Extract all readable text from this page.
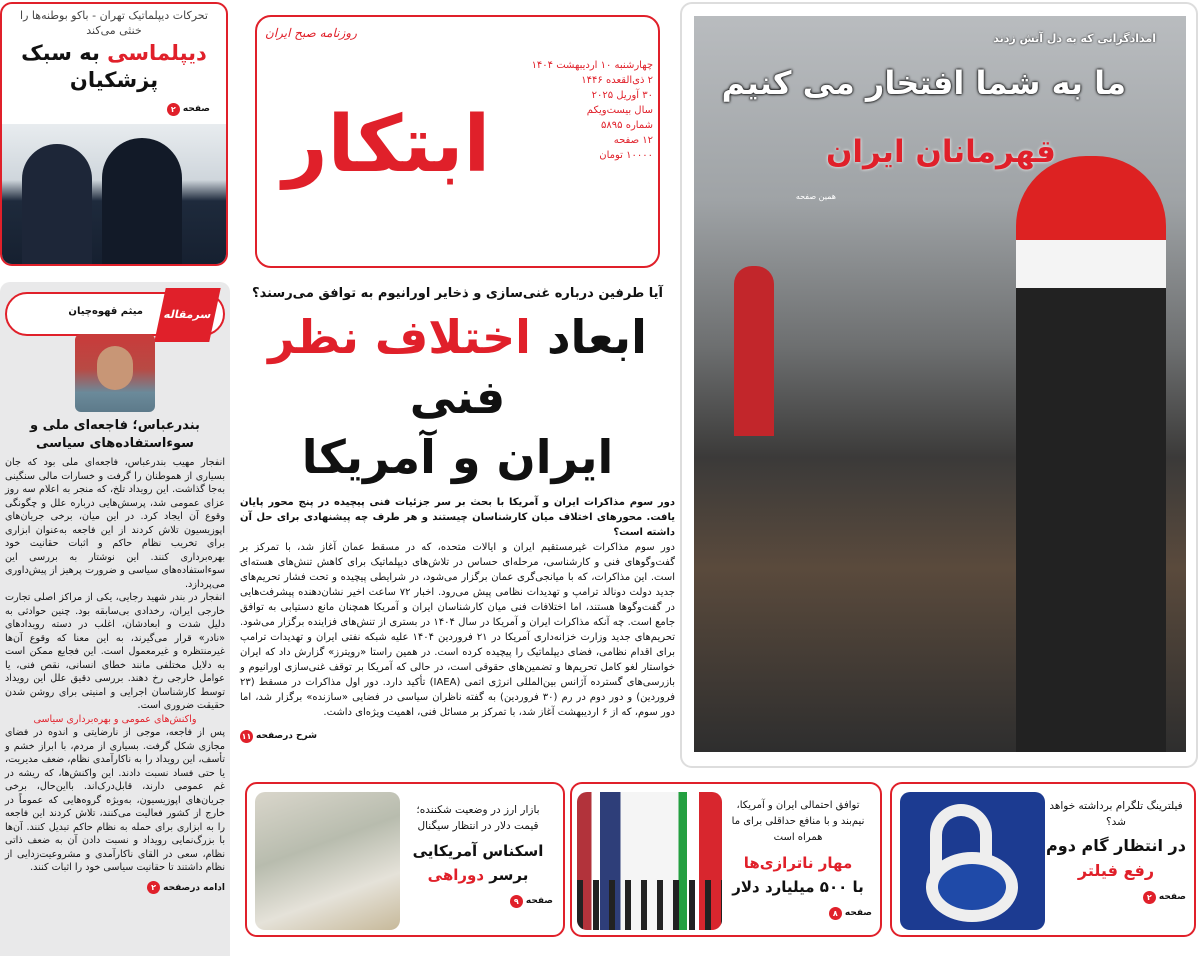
تحرکات دیپلماتیک تهران - باکو بوطنه‌ها را خنثی می‌کند
دیپلماسی به سبک پزشکیان
صفحه
۲
روزنامه صبح ایران
ابتکار
چهارشنبه ۱۰ اردیبهشت ۱۴۰۴
۲ ذی‌القعده ۱۴۴۶
۳۰ آوریل ۲۰۲۵
سال بیست‌ویکم
شماره ۵۸۹۵
۱۲ صفحه
۱۰۰۰۰ تومان
امدادگرانی که به دل آتش زدند
ما به شما افتخار می کنیم
قهرمانان ایران
همین صفحه
آیا طرفین درباره غنی‌سازی و ذخایر اورانیوم به توافق می‌رسند؟
ابعاد اختلاف نظر فنی
ایران و آمریکا
دور سوم مذاکرات ایران و آمریکا با بحث بر سر جزئیات فنی پیچیده در پنج محور پایان یافت. محورهای اختلاف میان کارشناسان چیستند و هر طرف چه پیشنهادی برای حل آن داشته است؟
دور سوم مذاکرات غیرمستقیم ایران و ایالات متحده، که در مسقط عمان آغاز شد، با تمرکز بر گفت‌وگوهای فنی و کارشناسی، مرحله‌ای حساس در تلاش‌های دیپلماتیک برای کاهش تنش‌های هسته‌ای است. این مذاکرات، که با میانجی‌گری عمان برگزار می‌شود، در شرایطی پیچیده و تحت فشار تحریم‌های جدید دولت دونالد ترامپ و تهدیدات نظامی پیش می‌رود. اخبار ۷۲ ساعت اخیر نشان‌دهنده پیشرفت‌هایی در گفت‌وگوها هستند، اما اختلافات فنی میان کارشناسان ایران و آمریکا همچنان مانع دستیابی به توافق جامع است. چه آنکه مذاکرات ایران و آمریکا در سال ۱۴۰۴ در بستری از تنش‌های فزاینده برگزار می‌شود. تحریم‌های جدید وزارت خزانه‌داری آمریکا در ۲۱ فروردین ۱۴۰۴ علیه شبکه نفتی ایران و تهدیدات ترامپ برای اقدام نظامی، فضای دیپلماتیک را پیچیده کرده است. در همین راستا «رویترز» گزارش داد که ایران خواستار لغو کامل تحریم‌ها و تضمین‌های حقوقی است، در حالی که آمریکا بر توقف غنی‌سازی اورانیوم و بازرسی‌های گسترده آژانس بین‌المللی انرژی اتمی (IAEA) تأکید دارد. دور اول مذاکرات در مسقط (۲۳ فروردین) و دور دوم در رم (۳۰ فروردین) به گفته ناظران سیاسی در فضایی «سازنده» برگزار شد، اما دور سوم، که از ۶ اردیبهشت آغاز شد، با تمرکز بر مسائل فنی، اهمیت ویژه‌ای داشت.
شرح درصفحه
۱۱
سرمقاله
میثم قهوه‌چیان
بندرعباس؛ فاجعه‌ای ملی و سوءاستفاده‌های سیاسی
انفجار مهیب بندرعباس، فاجعه‌ای ملی بود که جان بسیاری از هموطنان را گرفت و خسارات مالی سنگینی به‌جا گذاشت. این رویداد تلخ، که منجر به اعلام سه روز عزای عمومی شد، پرسش‌هایی درباره علل و چگونگی وقوع آن ایجاد کرد. در این میان، برخی جریان‌های اپوزیسیون تلاش کردند از این فاجعه به‌عنوان ابزاری برای تخریب نظام حاکم و اثبات حقانیت خود بهره‌برداری کنند. این نوشتار به بررسی این سوءاستفاده‌های سیاسی و ضرورت پرهیز از پیش‌داوری می‌پردازد.
انفجار در بندر شهید رجایی، یکی از مراکز اصلی تجارت خارجی ایران، رخدادی بی‌سابقه بود. چنین حوادثی به دلیل شدت و ابعادشان، اغلب در دسته رویدادهای «نادر» قرار می‌گیرند، به این معنا که وقوع آن‌ها غیرمنتظره و غیرمعمول است. این فجایع ممکن است به دلایل مختلفی مانند خطای انسانی، نقص فنی، یا عوامل خارجی رخ دهند. بررسی دقیق علل این رویداد توسط کارشناسان اجرایی و امنیتی برای روشن شدن حقیقت ضروری است.
واکنش‌های عمومی و بهره‌برداری سیاسی
پس از فاجعه، موجی از نارضایتی و اندوه در فضای مجازی شکل گرفت. بسیاری از مردم، با ابراز خشم و تأسف، این رویداد را به ناکارآمدی نظام، ضعف مدیریت، یا حتی فساد نسبت دادند. این واکنش‌ها، که ریشه در غم عمومی دارند، قابل‌درک‌اند. بااین‌حال، برخی جریان‌های اپوزیسیون، به‌ویژه گروه‌هایی که عموماً در خارج از کشور فعالیت می‌کنند، تلاش کردند این فاجعه را به ابزاری برای حمله به نظام حاکم تبدیل کنند. آن‌ها با بزرگ‌نمایی رویداد و نسبت دادن آن به ضعف ذاتی نظام، سعی در القای ناکارآمدی و مشروعیت‌زدایی از نظام داشتند تا حقانیت سیاسی خود را اثبات کنند.
ادامه درصفحه
۲
فیلترینگ تلگرام برداشته خواهد شد؟
در انتظار گام دوم
رفع فیلتر
صفحه
۲
توافق احتمالی ایران و آمریکا، نیم‌بند و با منافع حداقلی برای ما همراه است
مهار ناترازی‌ها
با ۵۰۰ میلیارد دلار
صفحه
۸
بازار ارز در وضعیت شکننده؛ قیمت دلار در انتظار سیگنال
اسکناس آمریکایی
برسر دوراهی
صفحه
۹
